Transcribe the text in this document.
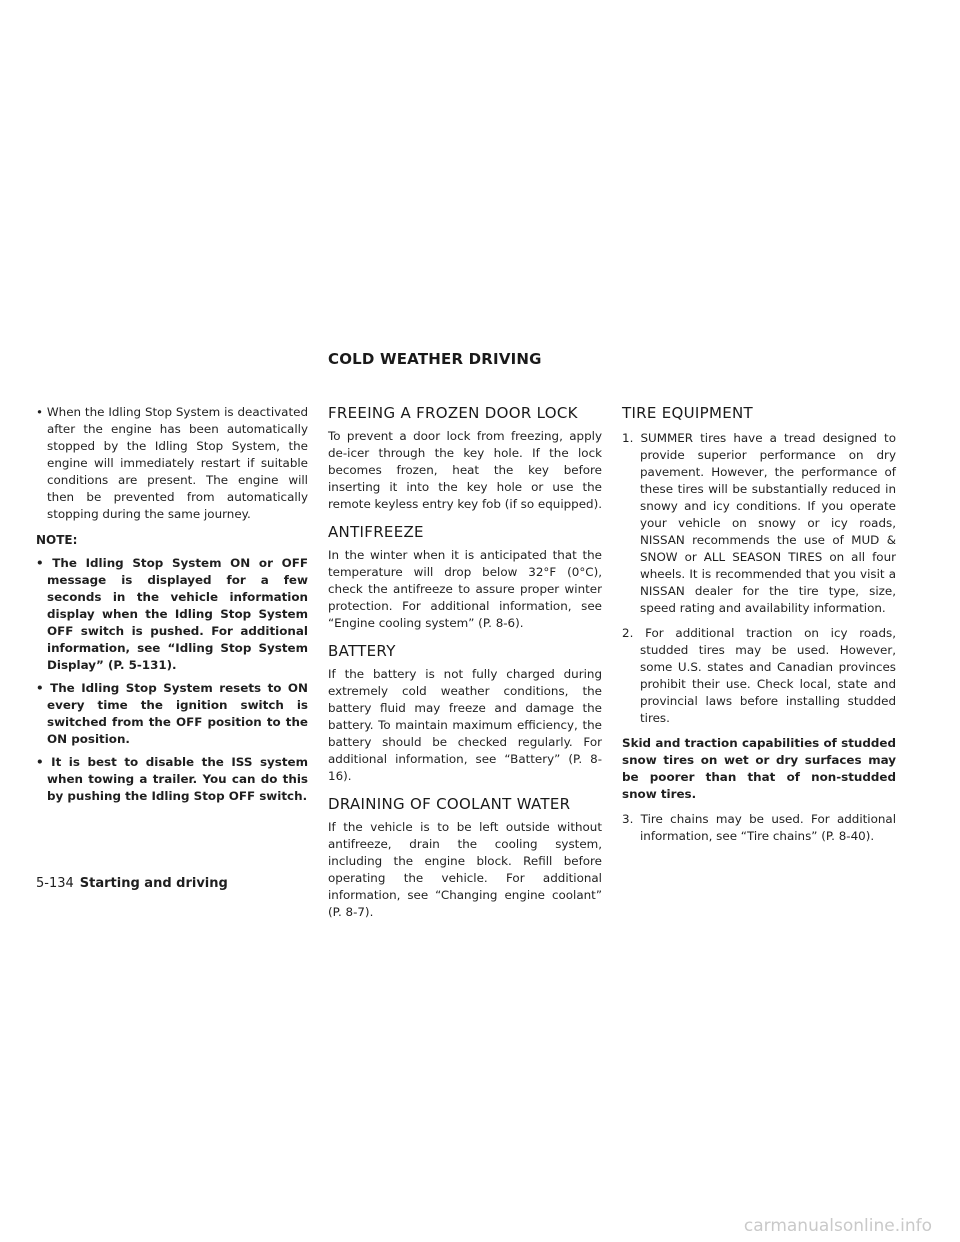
COLD WEATHER DRIVING

• When the Idling Stop System is deactivated after the engine has been automatically stopped by the Idling Stop System, the engine will immediately restart if suitable conditions are present. The engine will then be prevented from automatically stopping during the same journey.

NOTE:

• The Idling Stop System ON or OFF message is displayed for a few seconds in the vehicle information display when the Idling Stop System OFF switch is pushed. For additional information, see “Idling Stop System Display” (P. 5-131).

• The Idling Stop System resets to ON every time the ignition switch is switched from the OFF position to the ON position.

• It is best to disable the ISS system when towing a trailer. You can do this by pushing the Idling Stop OFF switch.

FREEING A FROZEN DOOR LOCK

To prevent a door lock from freezing, apply de-icer through the key hole. If the lock becomes frozen, heat the key before inserting it into the key hole or use the remote keyless entry key fob (if so equipped).

ANTIFREEZE

In the winter when it is anticipated that the temperature will drop below 32°F (0°C), check the antifreeze to assure proper winter protection. For additional information, see “Engine cooling system” (P. 8-6).

BATTERY

If the battery is not fully charged during extremely cold weather conditions, the battery fluid may freeze and damage the battery. To maintain maximum efficiency, the battery should be checked regularly. For additional information, see “Battery” (P. 8-16).

DRAINING OF COOLANT WATER

If the vehicle is to be left outside without antifreeze, drain the cooling system, including the engine block. Refill before operating the vehicle. For additional information, see “Changing engine coolant” (P. 8-7).

TIRE EQUIPMENT

1. SUMMER tires have a tread designed to provide superior performance on dry pavement. However, the performance of these tires will be substantially reduced in snowy and icy conditions. If you operate your vehicle on snowy or icy roads, NISSAN recommends the use of MUD & SNOW or ALL SEASON TIRES on all four wheels. It is recommended that you visit a NISSAN dealer for the tire type, size, speed rating and availability information.

2. For additional traction on icy roads, studded tires may be used. However, some U.S. states and Canadian provinces prohibit their use. Check local, state and provincial laws before installing studded tires.

Skid and traction capabilities of studded snow tires on wet or dry surfaces may be poorer than that of non-studded snow tires.

3. Tire chains may be used. For additional information, see “Tire chains” (P. 8-40).

5-134 Starting and driving
carmanualsonline.info
